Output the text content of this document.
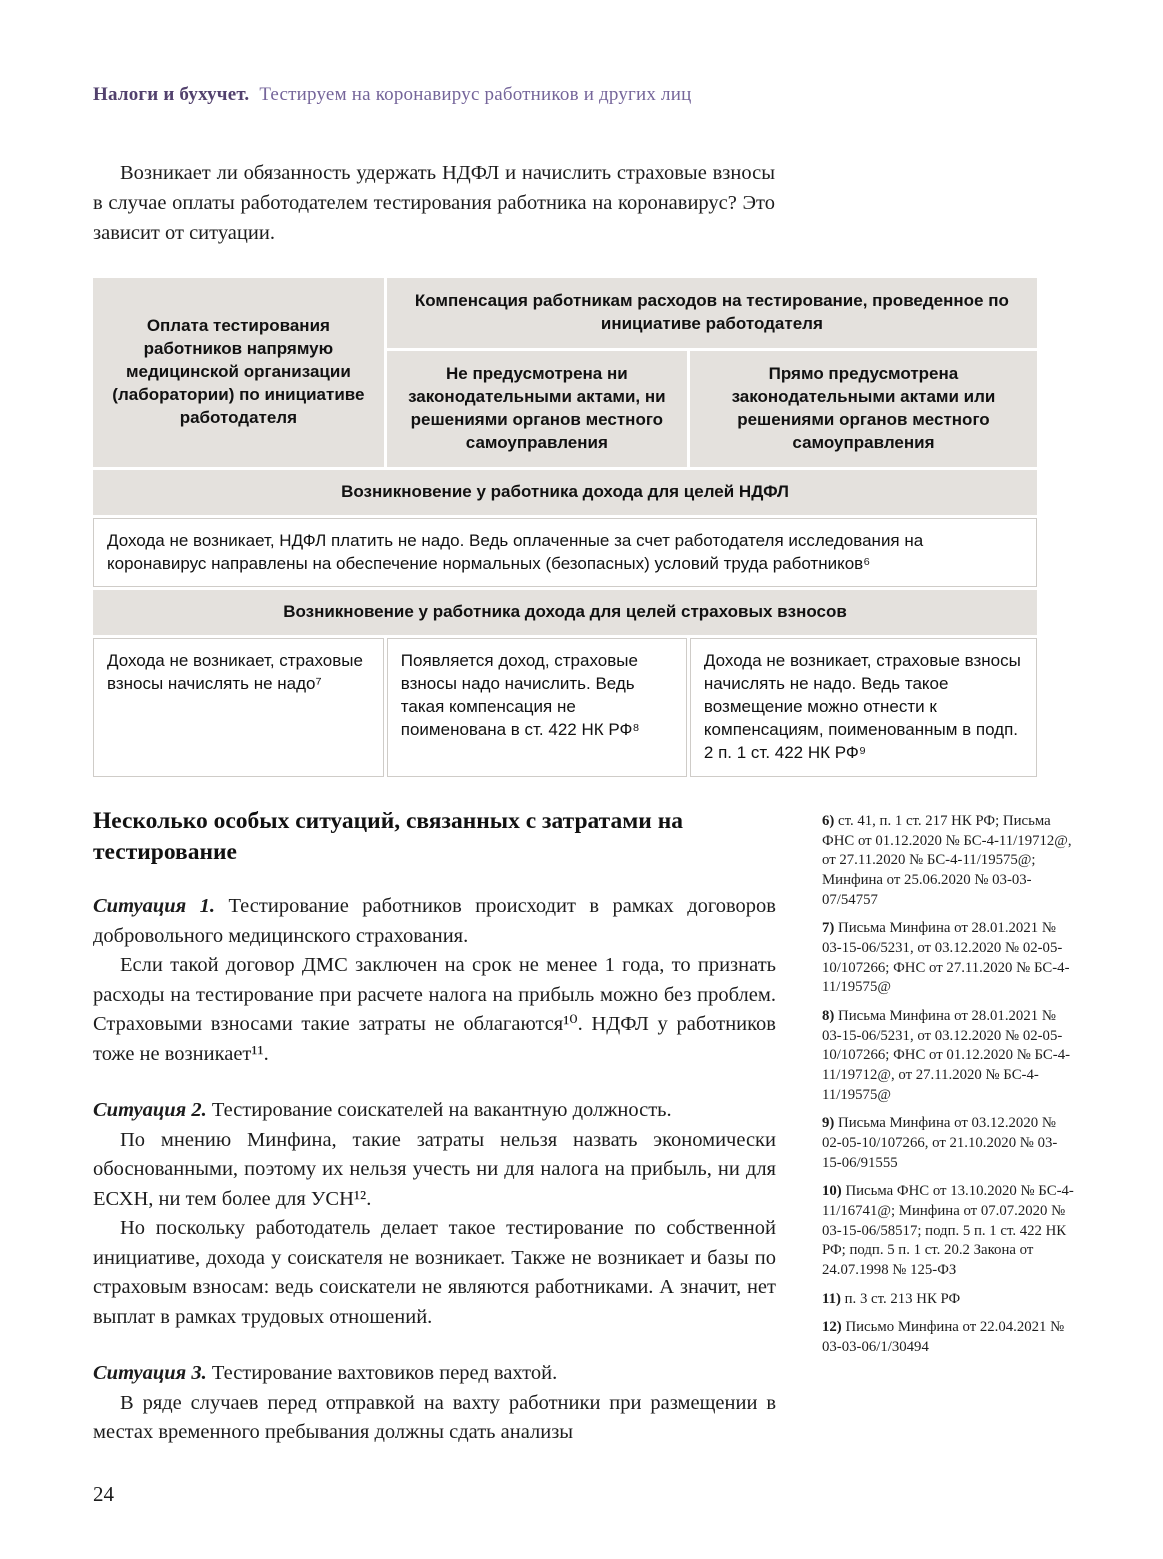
Налоги и бухучет. Тестируем на коронавирус работников и других лиц

Возникает ли обязанность удержать НДФЛ и начислить страховые взносы в случае оплаты работодателем тестирования работника на коронавирус? Это зависит от ситуации.

Оплата тестирования работников напрямую медицинской организации (лаборатории) по инициативе работодателя	Компенсация работникам расходов на тестирование, проведенное по инициативе работодателя	
	Не предусмотрена ни законодательными актами, ни решениями органов местного самоуправления	Прямо предусмотрена законодательными актами или решениями органов местного самоуправления
Возникновение у работника дохода для целей НДФЛ		
Дохода не возникает, НДФЛ платить не надо. Ведь оплаченные за счет работодателя исследования на коронавирус направлены на обеспечение нормальных (безопасных) условий труда работников⁶		
Возникновение у работника дохода для целей страховых взносов		
Дохода не возникает, страховые взносы начислять не надо⁷	Появляется доход, страховые взносы надо начислить. Ведь такая компенсация не поименована в ст. 422 НК РФ⁸	Дохода не возникает, страховые взносы начислять не надо. Ведь такое возмещение можно отнести к компенсациям, поименованным в подп. 2 п. 1 ст. 422 НК РФ⁹
Несколько особых ситуаций, связанных с затратами на тестирование

Ситуация 1. Тестирование работников происходит в рамках договоров добровольного медицинского страхования.

Если такой договор ДМС заключен на срок не менее 1 года, то признать расходы на тестирование при расчете налога на прибыль можно без проблем. Страховыми взносами такие затраты не облагаются¹⁰. НДФЛ у работников тоже не возникает¹¹.

Ситуация 2. Тестирование соискателей на вакантную должность.

По мнению Минфина, такие затраты нельзя назвать экономически обоснованными, поэтому их нельзя учесть ни для налога на прибыль, ни для ЕСХН, ни тем более для УСН¹².

Но поскольку работодатель делает такое тестирование по собственной инициативе, дохода у соискателя не возникает. Также не возникает и базы по страховым взносам: ведь соискатели не являются работниками. А значит, нет выплат в рамках трудовых отношений.

Ситуация 3. Тестирование вахтовиков перед вахтой.

В ряде случаев перед отправкой на вахту работники при размещении в местах временного пребывания должны сдать анализы

6) ст. 41, п. 1 ст. 217 НК РФ; Письма ФНС от 01.12.2020 № БС-4-11/19712@, от 27.11.2020 № БС-4-11/19575@; Минфина от 25.06.2020 № 03-03-07/54757
7) Письма Минфина от 28.01.2021 № 03-15-06/5231, от 03.12.2020 № 02-05-10/107266; ФНС от 27.11.2020 № БС-4-11/19575@
8) Письма Минфина от 28.01.2021 № 03-15-06/5231, от 03.12.2020 № 02-05-10/107266; ФНС от 01.12.2020 № БС-4-11/19712@, от 27.11.2020 № БС-4-11/19575@
9) Письма Минфина от 03.12.2020 № 02-05-10/107266, от 21.10.2020 № 03-15-06/91555
10) Письма ФНС от 13.10.2020 № БС-4-11/16741@; Минфина от 07.07.2020 № 03-15-06/58517; подп. 5 п. 1 ст. 422 НК РФ; подп. 5 п. 1 ст. 20.2 Закона от 24.07.1998 № 125-ФЗ
11) п. 3 ст. 213 НК РФ
12) Письмо Минфина от 22.04.2021 № 03-03-06/1/30494
24
